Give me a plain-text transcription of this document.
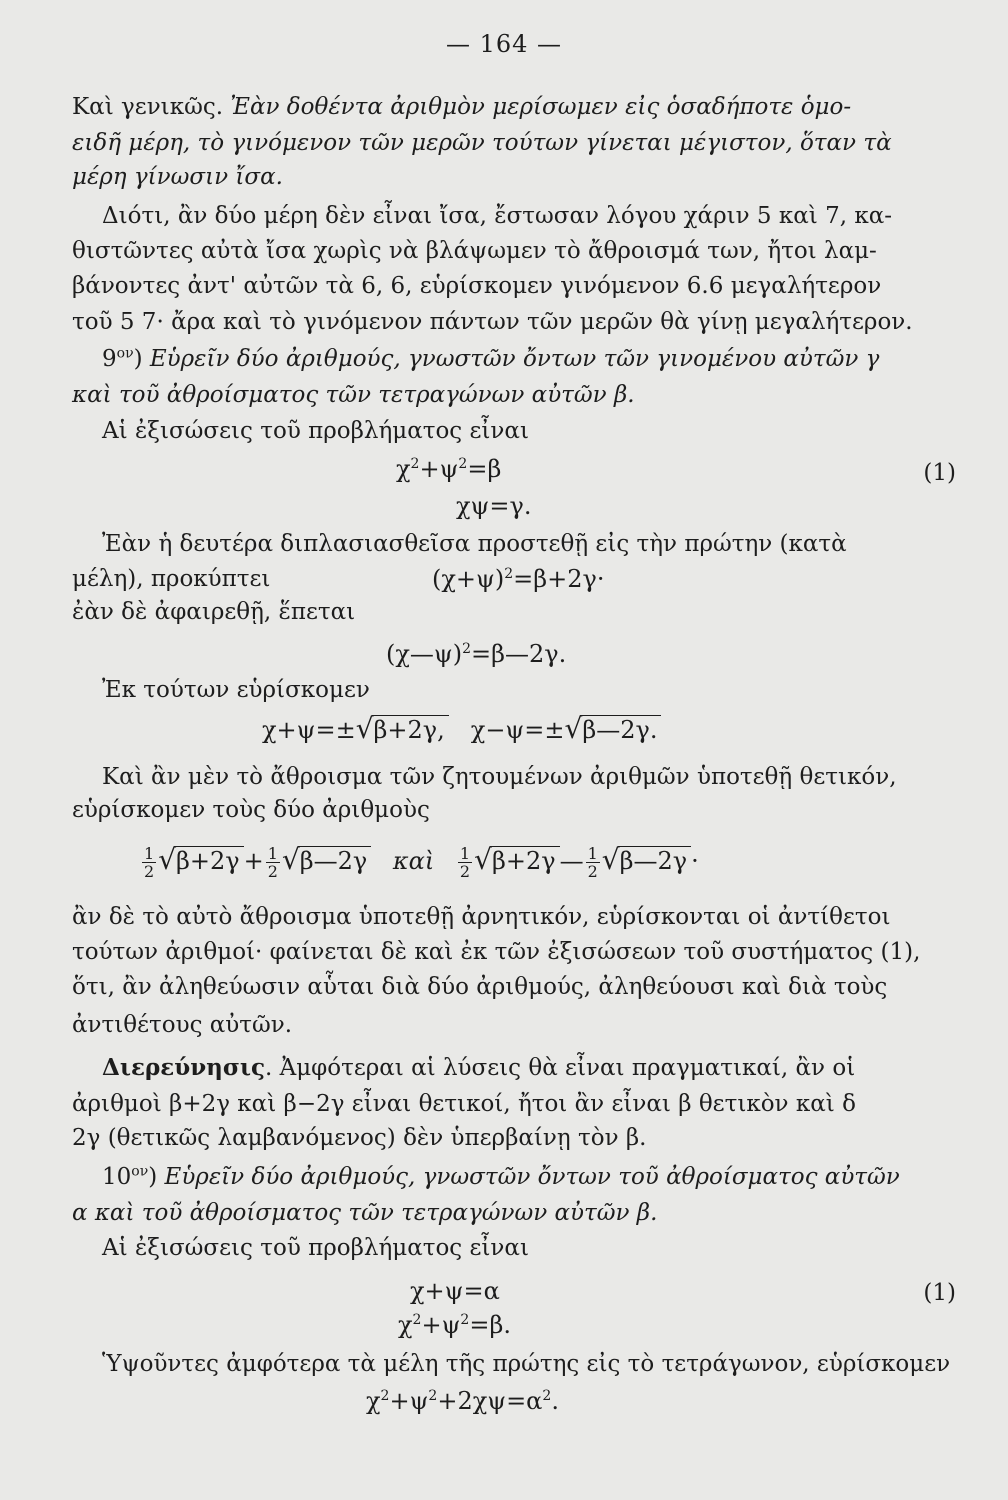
— 164 —
Καὶ γενικῶς. Ἐὰν δοθέντα ἀριθμὸν μερίσωμεν εἰς ὁσαδήποτε ὁμο-
ειδῆ μέρη, τὸ γινόμενον τῶν μερῶν τούτων γίνεται μέγιστον, ὅταν τὰ
μέρη γίνωσιν ἴσα.
Διότι, ἂν δύο μέρη δὲν εἶναι ἴσα, ἔστωσαν λόγου χάριν 5 καὶ 7, κα-
θιστῶντες αὐτὰ ἴσα χωρὶς νὰ βλάψωμεν τὸ ἄθροισμά των, ἤτοι λαμ-
βάνοντες ἀντ' αὐτῶν τὰ 6, 6, εὑρίσκομεν γινόμενον 6.6 μεγαλήτερον
τοῦ 5 7· ἄρα καὶ τὸ γινόμενον πάντων τῶν μερῶν θὰ γίνῃ μεγαλήτερον.
$9^{o\nu}$) Εὑρεῖν δύο ἀριθμούς, γνωστῶν ὄντων τῶν γινομένου αὐτῶν γ
καὶ τοῦ ἀθροίσματος τῶν τετραγώνων αὐτῶν β.
Αἱ ἐξισώσεις τοῦ προβλήματος εἶναι
$\chi^2+\psi^2=\beta$	(1)
χψ=γ.
Ἐὰν ἡ δευτέρα διπλασιασθεῖσα προστεθῇ εἰς τὴν πρώτην (κατὰ
μέλη), προκύπτει	$(\chi+\psi)^2=\beta+2\gamma\cdot$
ἐὰν δὲ ἀφαιρεθῇ, ἕπεται
(χ—ψ)$^2$=β—2γ.
Ἐκ τούτων εὑρίσκομεν
χ+ψ=±√β+2γ, χ−ψ=±√β—2γ.
Καὶ ἂν μὲν τὸ ἄθροισμα τῶν ζητουμένων ἀριθμῶν ὑποτεθῇ θετικόν,
εὑρίσκομεν τοὺς δύο ἀριθμοὺς
$\frac{1}{2} √\beta+2\gamma + \frac{1}{2}$ √β—2γ καὶ $\frac{1}{2} √\beta+2\gamma$ — $\frac{1}{2}$ √β—2γ ·
ἂν δὲ τὸ αὐτὸ ἄθροισμα ὑποτεθῇ ἀρνητικόν, εὑρίσκονται οἱ ἀντίθετοι
τούτων ἀριθμοί· φαίνεται δὲ καὶ ἐκ τῶν ἐξισώσεων τοῦ συστήματος (1),
ὅτι, ἂν ἀληθεύωσιν αὗται διὰ δύο ἀριθμούς, ἀληθεύουσι καὶ διὰ τοὺς
ἀντιθέτους αὐτῶν.
Διερεύνησις. Ἀμφότεραι αἱ λύσεις θὰ εἶναι πραγματικαί, ἂν οἱ
ἀριθμοὶ β+2γ καὶ β−2γ εἶναι θετικοί, ἤτοι ἂν εἶναι β θετικὸν καὶ δ
2γ (θετικῶς λαμβανόμενος) δὲν ὑπερβαίνῃ τὸν β.
$10^{o\nu}$) Εὑρεῖν δύο ἀριθμούς, γνωστῶν ὄντων τοῦ ἀθροίσματος αὐτῶν
α καὶ τοῦ ἀθροίσματος τῶν τετραγώνων αὐτῶν β.
Αἱ ἐξισώσεις τοῦ προβλήματος εἶναι
χ+ψ=α	(1)
$\chi^2+\psi^2=\beta$.
Ὑψοῦντες ἀμφότερα τὰ μέλη τῆς πρώτης εἰς τὸ τετράγωνον, εὑρίσκομεν
$\chi^2+\psi^2+2\chi\psi=\alpha^2$.
